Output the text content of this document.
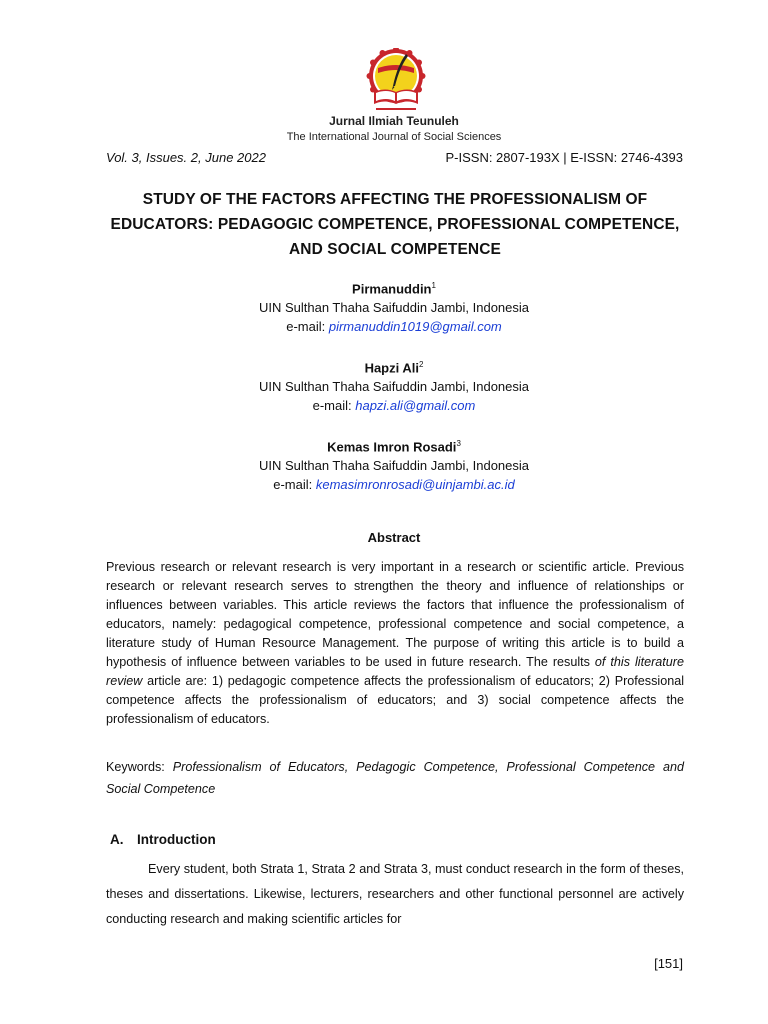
Jurnal Ilmiah Teunuleh
The International Journal of Social Sciences
Vol. 3, Issues. 2, June 2022	P-ISSN: 2807-193X | E-ISSN: 2746-4393
STUDY OF THE FACTORS AFFECTING THE PROFESSIONALISM OF EDUCATORS: PEDAGOGIC COMPETENCE, PROFESSIONAL COMPETENCE, AND SOCIAL COMPETENCE
Pirmanuddin$^1$
UIN Sulthan Thaha Saifuddin Jambi, Indonesia
e-mail: pirmanuddin1019@gmail.com
Hapzi Ali$^2$
UIN Sulthan Thaha Saifuddin Jambi, Indonesia
e-mail: hapzi.ali@gmail.com
Kemas Imron Rosadi$^3$
UIN Sulthan Thaha Saifuddin Jambi, Indonesia
e-mail: kemasimronrosadi@uinjambi.ac.id
Abstract
Previous research or relevant research is very important in a research or scientific article. Previous research or relevant research serves to strengthen the theory and influence of relationships or influences between variables. This article reviews the factors that influence the professionalism of educators, namely: pedagogical competence, professional competence and social competence, a literature study of Human Resource Management. The purpose of writing this article is to build a hypothesis of influence between variables to be used in future research. The results of this literature review article are: 1) pedagogic competence affects the professionalism of educators; 2) Professional competence affects the professionalism of educators; and 3) social competence affects the professionalism of educators.
Keywords: Professionalism of Educators, Pedagogic Competence, Professional Competence and Social Competence
A. Introduction
Every student, both Strata 1, Strata 2 and Strata 3, must conduct research in the form of theses, theses and dissertations. Likewise, lecturers, researchers and other functional personnel are actively conducting research and making scientific articles for
[151]
